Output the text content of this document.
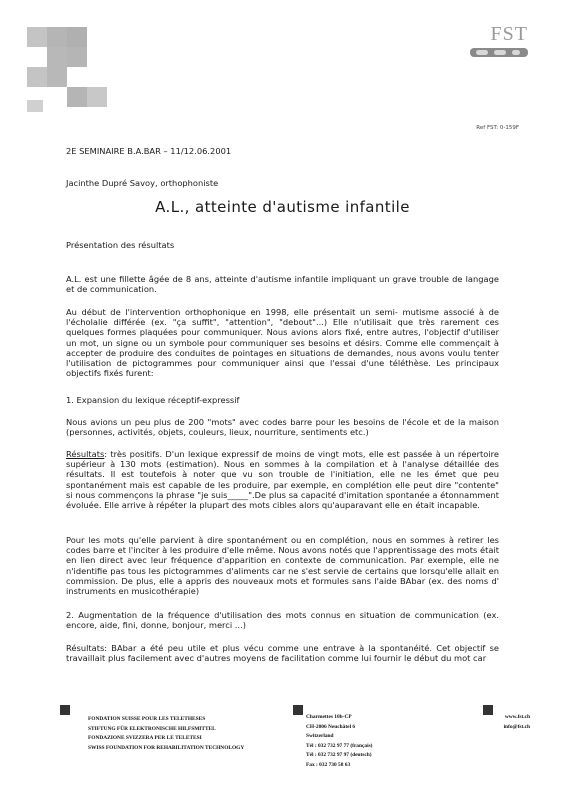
FST
Ref FST: 0-159F
2E SEMINAIRE B.A.BAR – 11/12.06.2001
Jacinthe Dupré Savoy, orthophoniste
A.L., atteinte d'autisme infantile
Présentation des résultats

A.L. est une fillette âgée de 8 ans, atteinte d'autisme infantile impliquant un grave trouble de langage et de communication.

Au début de l'intervention orthophonique en 1998, elle présentait un semi- mutisme associé à de l'écholalie différée (ex. "ça suffit", "attention", "debout"...) Elle n'utilisait que très rarement ces quelques formes plaquées pour communiquer. Nous avions alors fixé, entre autres, l'objectif d'utiliser un mot, un signe ou un symbole pour communiquer ses besoins et désirs. Comme elle commençait à accepter de produire des conduites de pointages en situations de demandes, nous avons voulu tenter l'utilisation de pictogrammes pour communiquer ainsi que l'essai d'une téléthèse. Les principaux objectifs fixés furent:

1. Expansion du lexique réceptif-expressif

Nous avions un peu plus de 200 "mots" avec codes barre pour les besoins de l'école et de la maison (personnes, activités, objets, couleurs, lieux, nourriture, sentiments etc.)

Résultats: très positifs. D'un lexique expressif de moins de vingt mots, elle est passée à un répertoire supérieur à 130 mots (estimation). Nous en sommes à la compilation et à l'analyse détaillée des résultats. Il est toutefois à noter que vu son trouble de l'initiation, elle ne les émet que peu spontanément mais est capable de les produire, par exemple, en complétion elle peut dire "contente" si nous commençons la phrase "je suis_____".De plus sa capacité d'imitation spontanée a étonnamment évoluée. Elle arrive à répéter la plupart des mots cibles alors qu'auparavant elle en était incapable.

Pour les mots qu'elle parvient à dire spontanément ou en complétion, nous en sommes à retirer les codes barre et l'inciter à les produire d'elle même. Nous avons notés que l'apprentissage des mots était en lien direct avec leur fréquence d'apparition en contexte de communication. Par exemple, elle ne n'identifie pas tous les pictogrammes d'aliments car ne s'est servie de certains que lorsqu'elle allait en commission. De plus, elle a appris des nouveaux mots et formules sans l'aide BAbar (ex. des noms d' instruments en musicothérapie)

2. Augmentation de la fréquence d'utilisation des mots connus en situation de communication (ex. encore, aide, fini, donne, bonjour, merci ...)

Résultats: BAbar a été peu utile et plus vécu comme une entrave à la spontanéité. Cet objectif se travaillait plus facilement avec d'autres moyens de facilitation comme lui fournir le début du mot car

FONDATION SUISSE POUR LES TELETHESES
STIFTUNG FÜR ELEKTRONISCHE HILFSMITTEL
FONDAZIONE SVIZZERA PER LE TELETESI
SWISS FOUNDATION FOR REHABILITATION TECHNOLOGY
Charmettes 10b-CP
CH-2006 Neuchâtel 6
Switzerland
Tél : 032 732 97 77 (français)
Tél : 032 732 97 97 (deutsch)
Fax : 032 730 58 63
www.fst.ch
info@fst.ch
